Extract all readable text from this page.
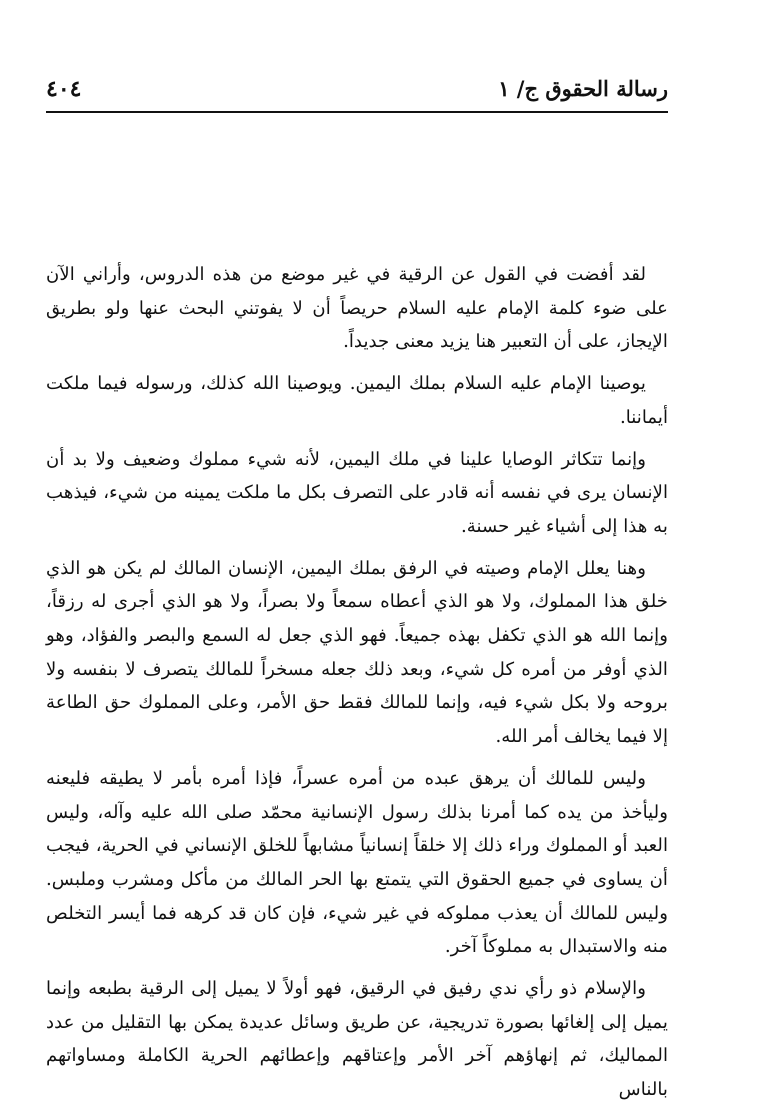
رسالة الحقوق ج/ ١
٤٠٤

لقد أفضت في القول عن الرقية في غير موضع من هذه الدروس، وأراني الآن على ضوء كلمة الإمام عليه السلام حريصاً أن لا يفوتني البحث عنها ولو بطريق الإيجاز، على أن التعبير هنا يزيد معنى جديداً.

يوصينا الإمام عليه السلام بملك اليمين. ويوصينا الله كذلك، ورسوله فيما ملكت أيماننا.

وإنما تتكاثر الوصايا علينا في ملك اليمين، لأنه شيء مملوك وضعيف ولا بد أن الإنسان يرى في نفسه أنه قادر على التصرف بكل ما ملكت يمينه من شيء، فيذهب به هذا إلى أشياء غير حسنة.

وهنا يعلل الإمام وصيته في الرفق بملك اليمين، الإنسان المالك لم يكن هو الذي خلق هذا المملوك، ولا هو الذي أعطاه سمعاً ولا بصراً، ولا هو الذي أجرى له رزقاً، وإنما الله هو الذي تكفل بهذه جميعاً. فهو الذي جعل له السمع والبصر والفؤاد، وهو الذي أوفر من أمره كل شيء، وبعد ذلك جعله مسخراً للمالك يتصرف لا بنفسه ولا بروحه ولا بكل شيء فيه، وإنما للمالك فقط حق الأمر، وعلى المملوك حق الطاعة إلا فيما يخالف أمر الله.

وليس للمالك أن يرهق عبده من أمره عسراً، فإذا أمره بأمر لا يطيقه فليعنه وليأخذ من يده كما أمرنا بذلك رسول الإنسانية محمّد صلى الله عليه وآله، وليس العبد أو المملوك وراء ذلك إلا خلقاً إنسانياً مشابهاً للخلق الإنساني في الحرية، فيجب أن يساوى في جميع الحقوق التي يتمتع بها الحر المالك من مأكل ومشرب وملبس. وليس للمالك أن يعذب مملوكه في غير شيء، فإن كان قد كرهه فما أيسر التخلص منه والاستبدال به مملوكاً آخر.

والإسلام ذو رأي ندي رفيق في الرقيق، فهو أولاً لا يميل إلى الرقية بطبعه وإنما يميل إلى إلغائها بصورة تدريجية، عن طريق وسائل عديدة يمكن بها التقليل من عدد المماليك، ثم إنهاؤهم آخر الأمر وإعتاقهم وإعطائهم الحرية الكاملة ومساواتهم بالناس
